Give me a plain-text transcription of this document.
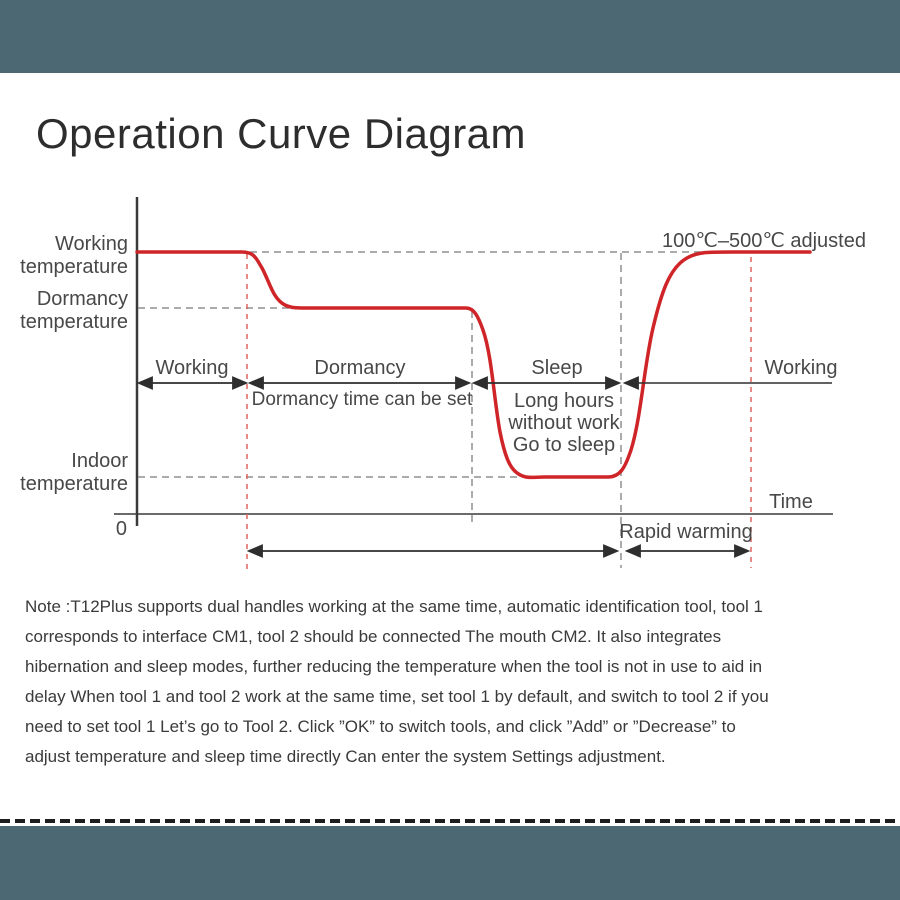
Operation Curve Diagram
Working
temperature
Dormancy
temperature
Indoor
temperature
0
Working	Dormancy	Sleep	Working
100℃–500℃ adjusted
Dormancy time can be set Long hours
without work
Go to sleep
Time
Rapid warming
Note :T12Plus supports dual handles working at the same time, automatic identification tool, tool 1
corresponds to interface CM1, tool 2 should be connected The mouth CM2. It also integrates
hibernation and sleep modes, further reducing the temperature when the tool is not in use to aid in
delay When tool 1 and tool 2 work at the same time, set tool 1 by default, and switch to tool 2 if you
need to set tool 1 Let’s go to Tool 2. Click ”OK” to switch tools, and click ”Add” or ”Decrease” to
adjust temperature and sleep time directly Can enter the system Settings adjustment.
